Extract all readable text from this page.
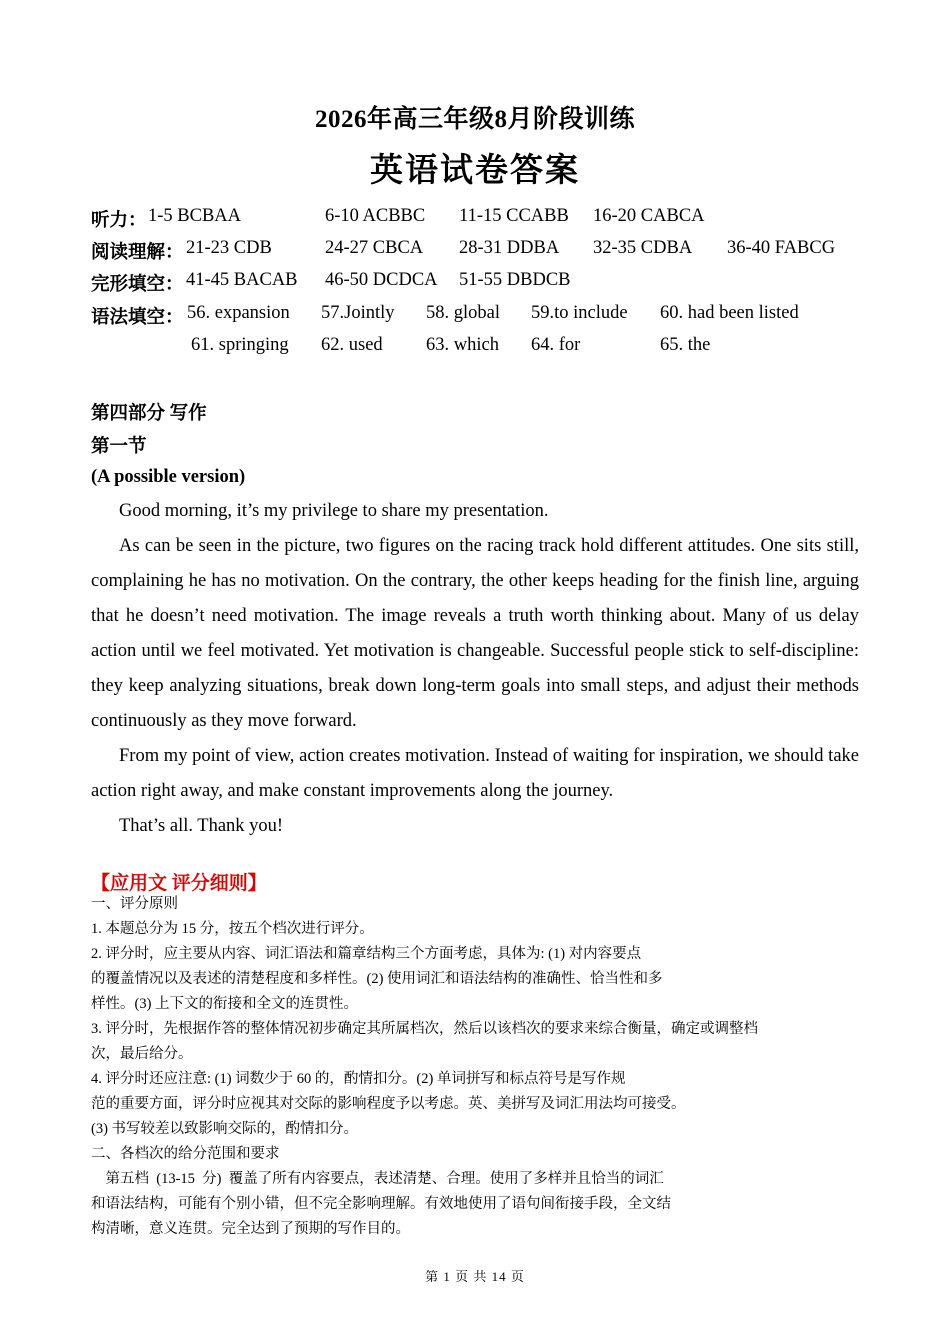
2026年高三年级8月阶段训练
英语试卷答案
听力： 1-5 BCBAA	6-10 ACBBC 11-15 CCABB 16-20 CABCA
阅读理解： 21-23 CDB	24-27 CBCA 28-31 DDBA 32-35 CDBA 36-40 FABCG
完形填空： 41-45 BACAB 46-50 DCDCA 51-55 DBDCB
语法填空： 56. expansion 57.Jointly 58. global 59.to include 60. had been listed
61. springing 62. used 63. which 64. for	65. the
第四部分 写作
第一节
(A possible version)

Good morning, it’s my privilege to share my presentation.

As can be seen in the picture, two figures on the racing track hold different attitudes. One sits still, complaining he has no motivation. On the contrary, the other keeps heading for the finish line, arguing that he doesn’t need motivation. The image reveals a truth worth thinking about. Many of us delay action until we feel motivated. Yet motivation is changeable. Successful people stick to self-discipline: they keep analyzing situations, break down long-term goals into small steps, and adjust their methods continuously as they move forward.

From my point of view, action creates motivation. Instead of waiting for inspiration, we should take action right away, and make constant improvements along the journey.

That’s all. Thank you!

【应用文 评分细则】
一、评分原则
1. 本题总分为 15 分，按五个档次进行评分。
2. 评分时，应主要从内容、词汇语法和篇章结构三个方面考虑，具体为: (1) 对内容要点
的覆盖情况以及表述的清楚程度和多样性。(2) 使用词汇和语法结构的准确性、恰当性和多
样性。(3) 上下文的衔接和全文的连贯性。
3. 评分时，先根据作答的整体情况初步确定其所属档次，然后以该档次的要求来综合衡量，确定或调整档
次，最后给分。
4. 评分时还应注意: (1) 词数少于 60 的，酌情扣分。(2) 单词拼写和标点符号是写作规
范的重要方面，评分时应视其对交际的影响程度予以考虑。英、美拼写及词汇用法均可接受。
(3) 书写较差以致影响交际的，酌情扣分。
二、各档次的给分范围和要求
第五档  (13-15  分)  覆盖了所有内容要点，表述清楚、合理。使用了多样并且恰当的词汇
和语法结构，可能有个别小错，但不完全影响理解。有效地使用了语句间衔接手段，全文结
构清晰，意义连贯。完全达到了预期的写作目的。
第 1 页 共 14 页
